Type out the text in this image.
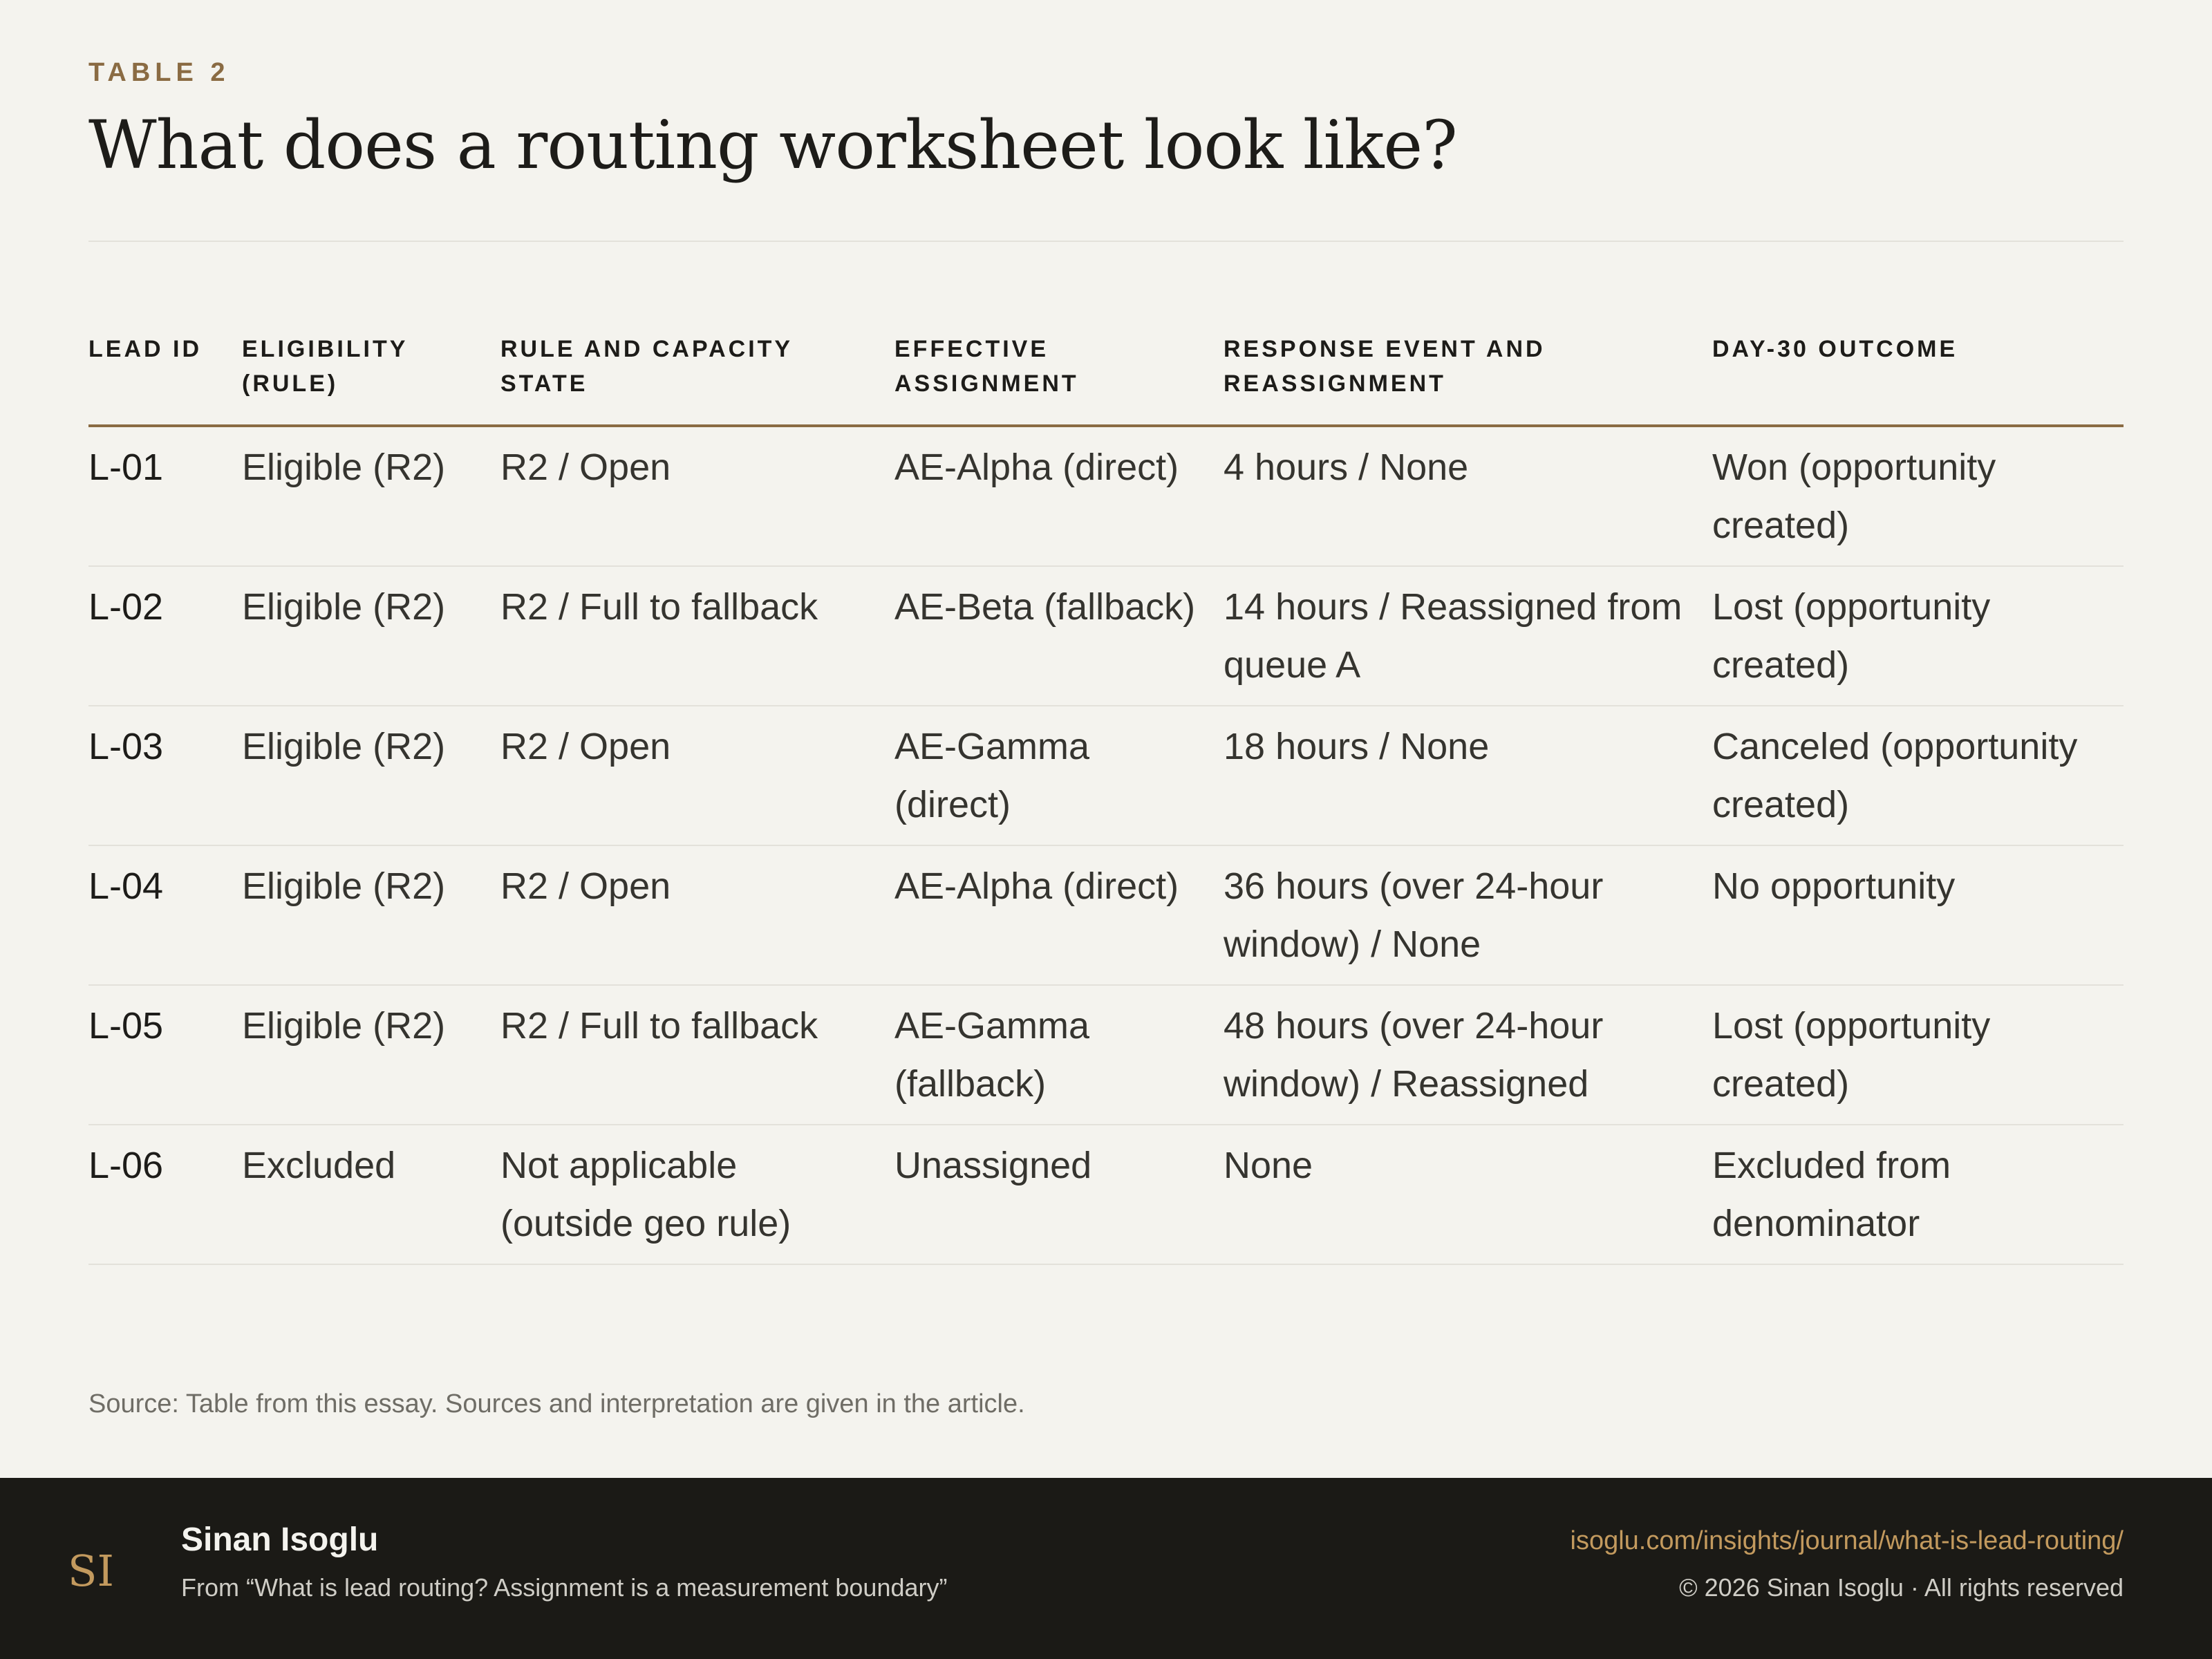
TABLE 2
What does a routing worksheet look like?
LEAD ID	ELIGIBILITY (RULE)	RULE AND CAPACITY STATE	EFFECTIVE ASSIGNMENT	RESPONSE EVENT AND REASSIGNMENT	DAY-30 OUTCOME
L-01	Eligible (R2)	R2 / Open	AE-Alpha (direct)	4 hours / None	Won (opportunity created)
L-02	Eligible (R2)	R2 / Full to fallback	AE-Beta (fallback)	14 hours / Reassigned from queue A	Lost (opportunity created)
L-03	Eligible (R2)	R2 / Open	AE-Gamma (direct)	18 hours / None	Canceled (opportunity created)
L-04	Eligible (R2)	R2 / Open	AE-Alpha (direct)	36 hours (over 24-hour window) / None	No opportunity
L-05	Eligible (R2)	R2 / Full to fallback	AE-Gamma (fallback)	48 hours (over 24-hour window) / Reassigned	Lost (opportunity created)
L-06	Excluded	Not applicable (outside geo rule)	Unassigned	None	Excluded from denominator
Source: Table from this essay. Sources and interpretation are given in the article.
SI
Sinan Isoglu
From “What is lead routing? Assignment is a measurement boundary”
isoglu.com/insights/journal/what-is-lead-routing/
© 2026 Sinan Isoglu · All rights reserved
